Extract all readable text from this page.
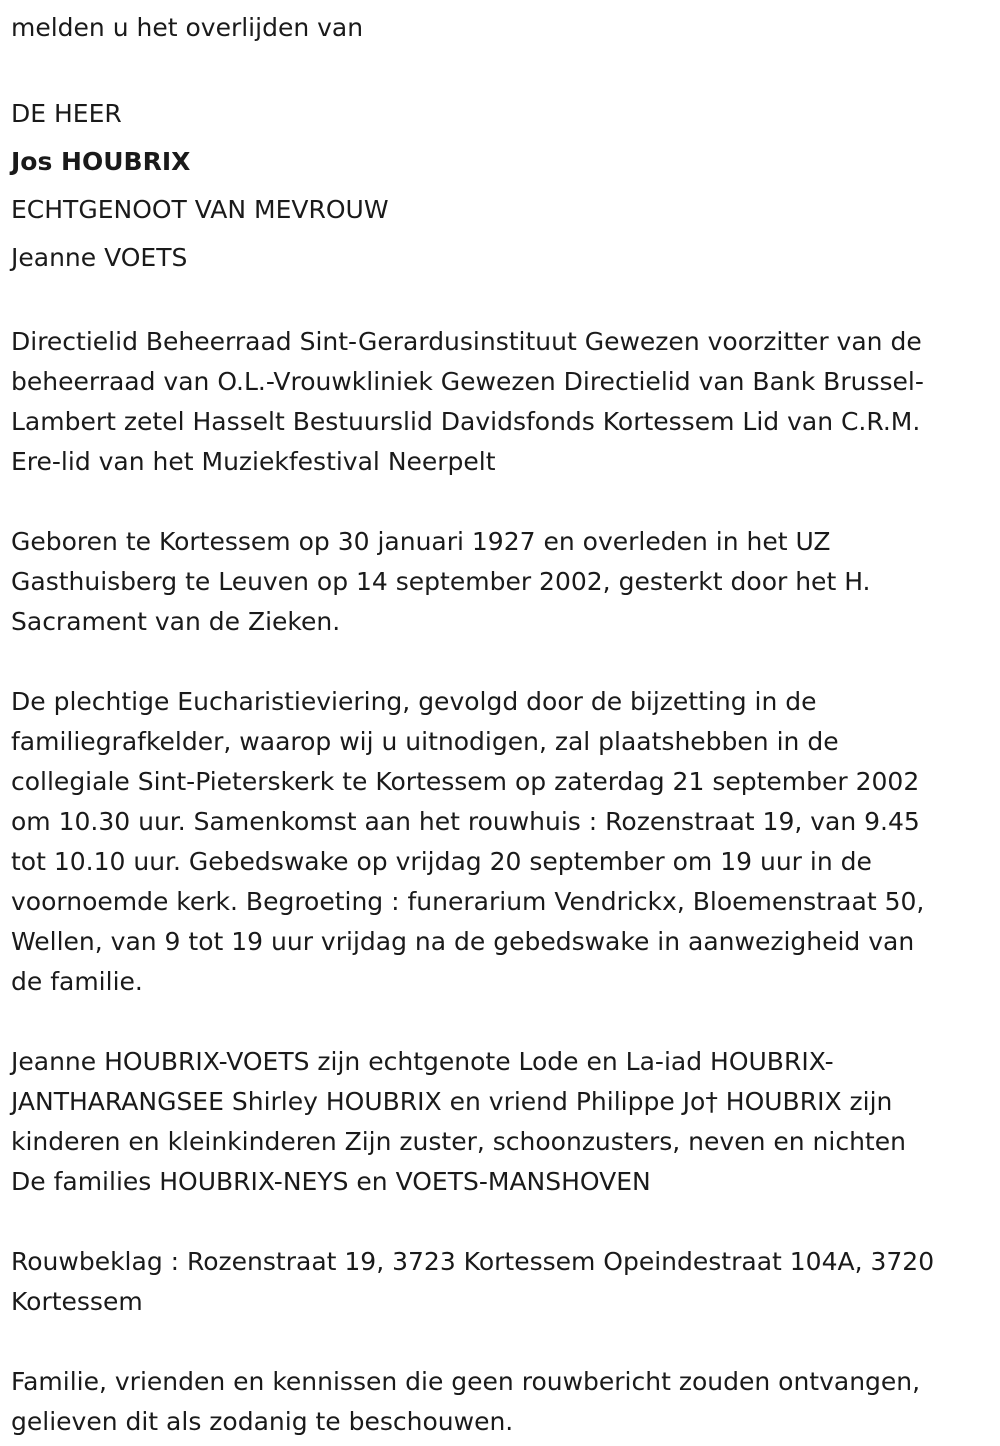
melden u het overlijden van

DE HEER
Jos HOUBRIX
ECHTGENOOT VAN MEVROUW
Jeanne VOETS

Directielid Beheerraad Sint-Gerardusinstituut Gewezen voorzitter van de
beheerraad van O.L.-Vrouwkliniek Gewezen Directielid van Bank Brussel-
Lambert zetel Hasselt Bestuurslid Davidsfonds Kortessem Lid van C.R.M.
Ere-lid van het Muziekfestival Neerpelt

Geboren te Kortessem op 30 januari 1927 en overleden in het UZ
Gasthuisberg te Leuven op 14 september 2002, gesterkt door het H.
Sacrament van de Zieken.

De plechtige Eucharistieviering, gevolgd door de bijzetting in de
familiegrafkelder, waarop wij u uitnodigen, zal plaatshebben in de
collegiale Sint-Pieterskerk te Kortessem op zaterdag 21 september 2002
om 10.30 uur. Samenkomst aan het rouwhuis : Rozenstraat 19, van 9.45
tot 10.10 uur. Gebedswake op vrijdag 20 september om 19 uur in de
voornoemde kerk. Begroeting : funerarium Vendrickx, Bloemenstraat 50,
Wellen, van 9 tot 19 uur vrijdag na de gebedswake in aanwezigheid van
de familie.

Jeanne HOUBRIX-VOETS zijn echtgenote Lode en La-iad HOUBRIX-
JANTHARANGSEE Shirley HOUBRIX en vriend Philippe Jo† HOUBRIX zijn
kinderen en kleinkinderen Zijn zuster, schoonzusters, neven en nichten
De families HOUBRIX-NEYS en VOETS-MANSHOVEN

Rouwbeklag : Rozenstraat 19, 3723 Kortessem Opeindestraat 104A, 3720
Kortessem

Familie, vrienden en kennissen die geen rouwbericht zouden ontvangen,
gelieven dit als zodanig te beschouwen.
